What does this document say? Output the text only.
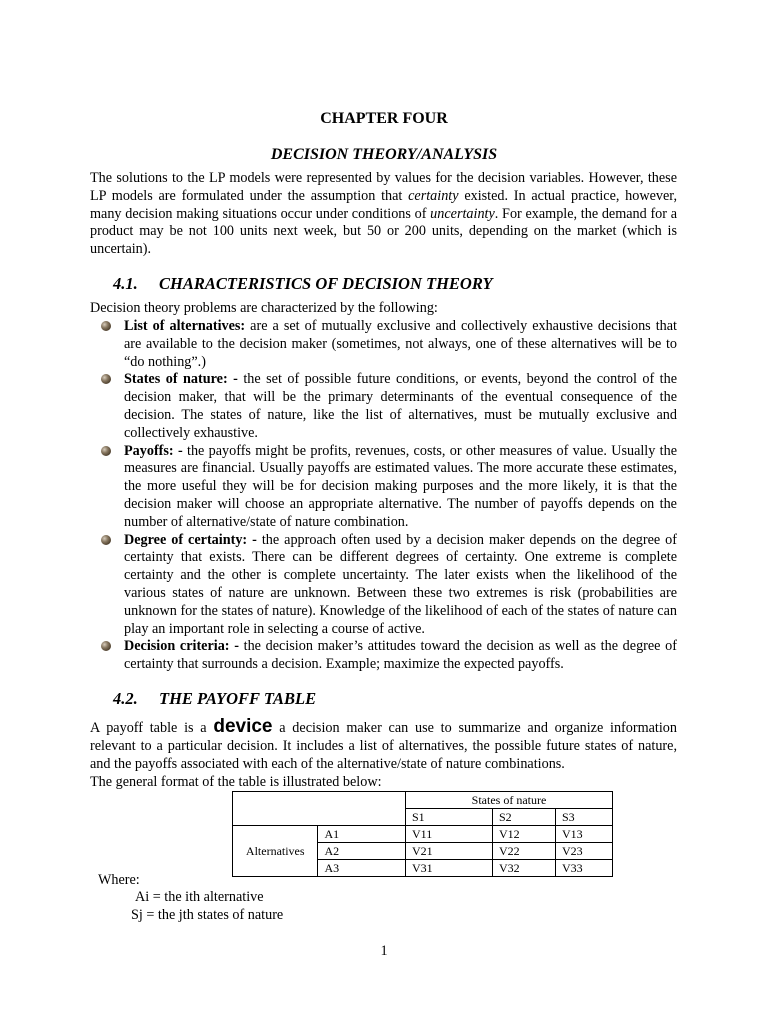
CHAPTER FOUR
DECISION THEORY/ANALYSIS

The solutions to the LP models were represented by values for the decision variables. However, these LP models are formulated under the assumption that certainty existed. In actual practice, however, many decision making situations occur under conditions of uncertainty. For example, the demand for a product may be not 100 units next week, but 50 or 200 units, depending on the market (which is uncertain).

4.1. CHARACTERISTICS OF DECISION THEORY

Decision theory problems are characterized by the following:

List of alternatives: are a set of mutually exclusive and collectively exhaustive decisions that are available to the decision maker (sometimes, not always, one of these alternatives will be to “do nothing”.)
States of nature: - the set of possible future conditions, or events, beyond the control of the decision maker, that will be the primary determinants of the eventual consequence of the decision. The states of nature, like the list of alternatives, must be mutually exclusive and collectively exhaustive.
Payoffs: - the payoffs might be profits, revenues, costs, or other measures of value. Usually the measures are financial. Usually payoffs are estimated values. The more accurate these estimates, the more useful they will be for decision making purposes and the more likely, it is that the decision maker will choose an appropriate alternative. The number of payoffs depends on the number of alternative/state of nature combination.
Degree of certainty: - the approach often used by a decision maker depends on the degree of certainty that exists. There can be different degrees of certainty. One extreme is complete certainty and the other is complete uncertainty. The later exists when the likelihood of the various states of nature are unknown. Between these two extremes is risk (probabilities are unknown for the states of nature). Knowledge of the likelihood of each of the states of nature can play an important role in selecting a course of active.
Decision criteria: - the decision maker’s attitudes toward the decision as well as the degree of certainty that surrounds a decision. Example; maximize the expected payoffs.
4.2. THE PAYOFF TABLE

A payoff table is a device a decision maker can use to summarize and organize information relevant to a particular decision. It includes a list of alternatives, the possible future states of nature, and the payoffs associated with each of the alternative/state of nature combinations.

The general format of the table is illustrated below:

		States of nature		
		S1	S2	S3
Alternatives	A1	V11	V12	V13
	A2	V21	V22	V23
	A3	V31	V32	V33

Where:

Ai = the ith alternative

Sj = the jth states of nature

1
